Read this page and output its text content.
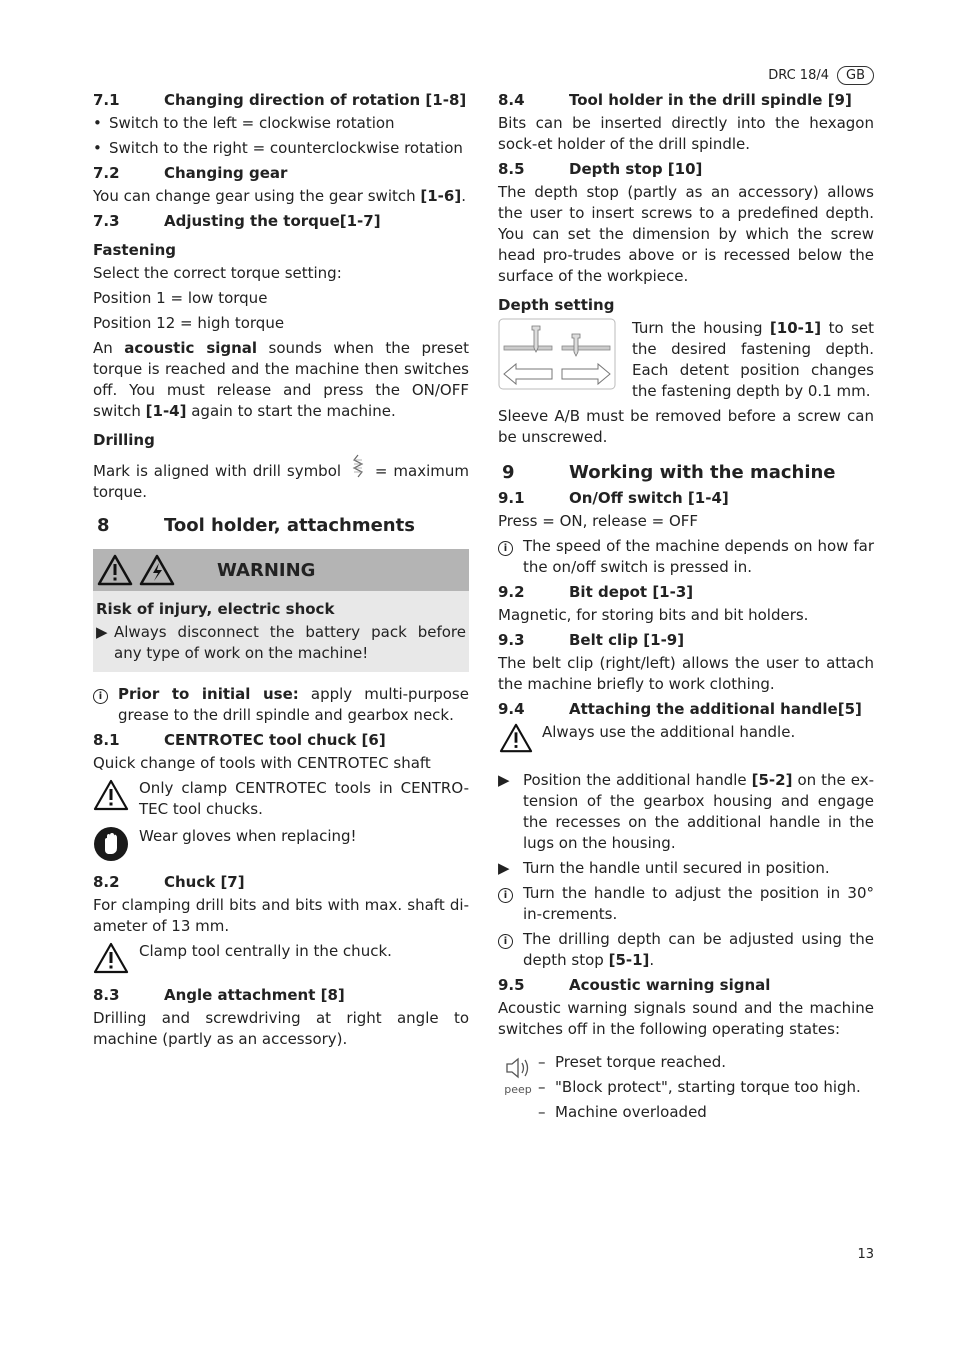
DRC 18/4	GB
7.1	Changing direction of rotation [1-8]
• Switch to the left = clockwise rotation
• Switch to the right = counterclockwise rotation
7.2	Changing gear

You can change gear using the gear switch [1-6].

7.3	Adjusting the torque[1-7]
Fastening

Select the correct torque setting:

Position 1 = low torque

Position 12 = high torque

An acoustic signal sounds when the preset torque is reached and the machine then switches off. You must release and press the ON/OFF switch [1-4] again to start the machine.

Drilling

Mark is aligned with drill symbol = maximum torque.

8	Tool holder, attachments
WARNING
Risk of injury, electric shock
▶ Always disconnect the battery pack before any type of work on the machine!
i	Prior to initial use: apply multi-purpose grease to the drill spindle and gearbox neck.
8.1	CENTROTEC tool chuck [6]

Quick change of tools with CENTROTEC shaft

Only clamp CENTROTEC tools in CENTRO-TEC tool chucks.
Wear gloves when replacing!
8.2	Chuck [7]

For clamping drill bits and bits with max. shaft di-ameter of 13 mm.

Clamp tool centrally in the chuck.
8.3	Angle attachment [8]

Drilling and screwdriving at right angle to machine (partly as an accessory).

8.4	Tool holder in the drill spindle [9]

Bits can be inserted directly into the hexagon sock-et holder of the drill spindle.

8.5	Depth stop [10]

The depth stop (partly as an accessory) allows the user to insert screws to a predefined depth. You can set the dimension by which the screw head pro-trudes above or is recessed below the surface of the workpiece.

Depth setting

Turn the housing [10-1] to set the desired fastening depth. Each detent position changes the fastening depth by 0.1 mm.

Sleeve A/B must be removed before a screw can be unscrewed.

9	Working with the machine
9.1	On/Off switch [1-4]

Press = ON, release = OFF

i	The speed of the machine depends on how far the on/off switch is pressed in.
9.2	Bit depot [1-3]

Magnetic, for storing bits and bit holders.

9.3	Belt clip [1-9]

The belt clip (right/left) allows the user to attach the machine briefly to work clothing.

9.4	Attaching the additional handle[5]
Always use the additional handle.
▶ Position the additional handle [5-2] on the ex-tension of the gearbox housing and engage the recesses on the additional handle in the lugs on the housing.
▶ Turn the handle until secured in position.
i	Turn the handle to adjust the position in 30° in-crements.
i	The drilling depth can be adjusted using the depth stop [5-1].
9.5	Acoustic warning signal

Acoustic warning signals sound and the machine switches off in the following operating states:

peep
– Preset torque reached.
– "Block protect", starting torque too high.
– Machine overloaded
13
